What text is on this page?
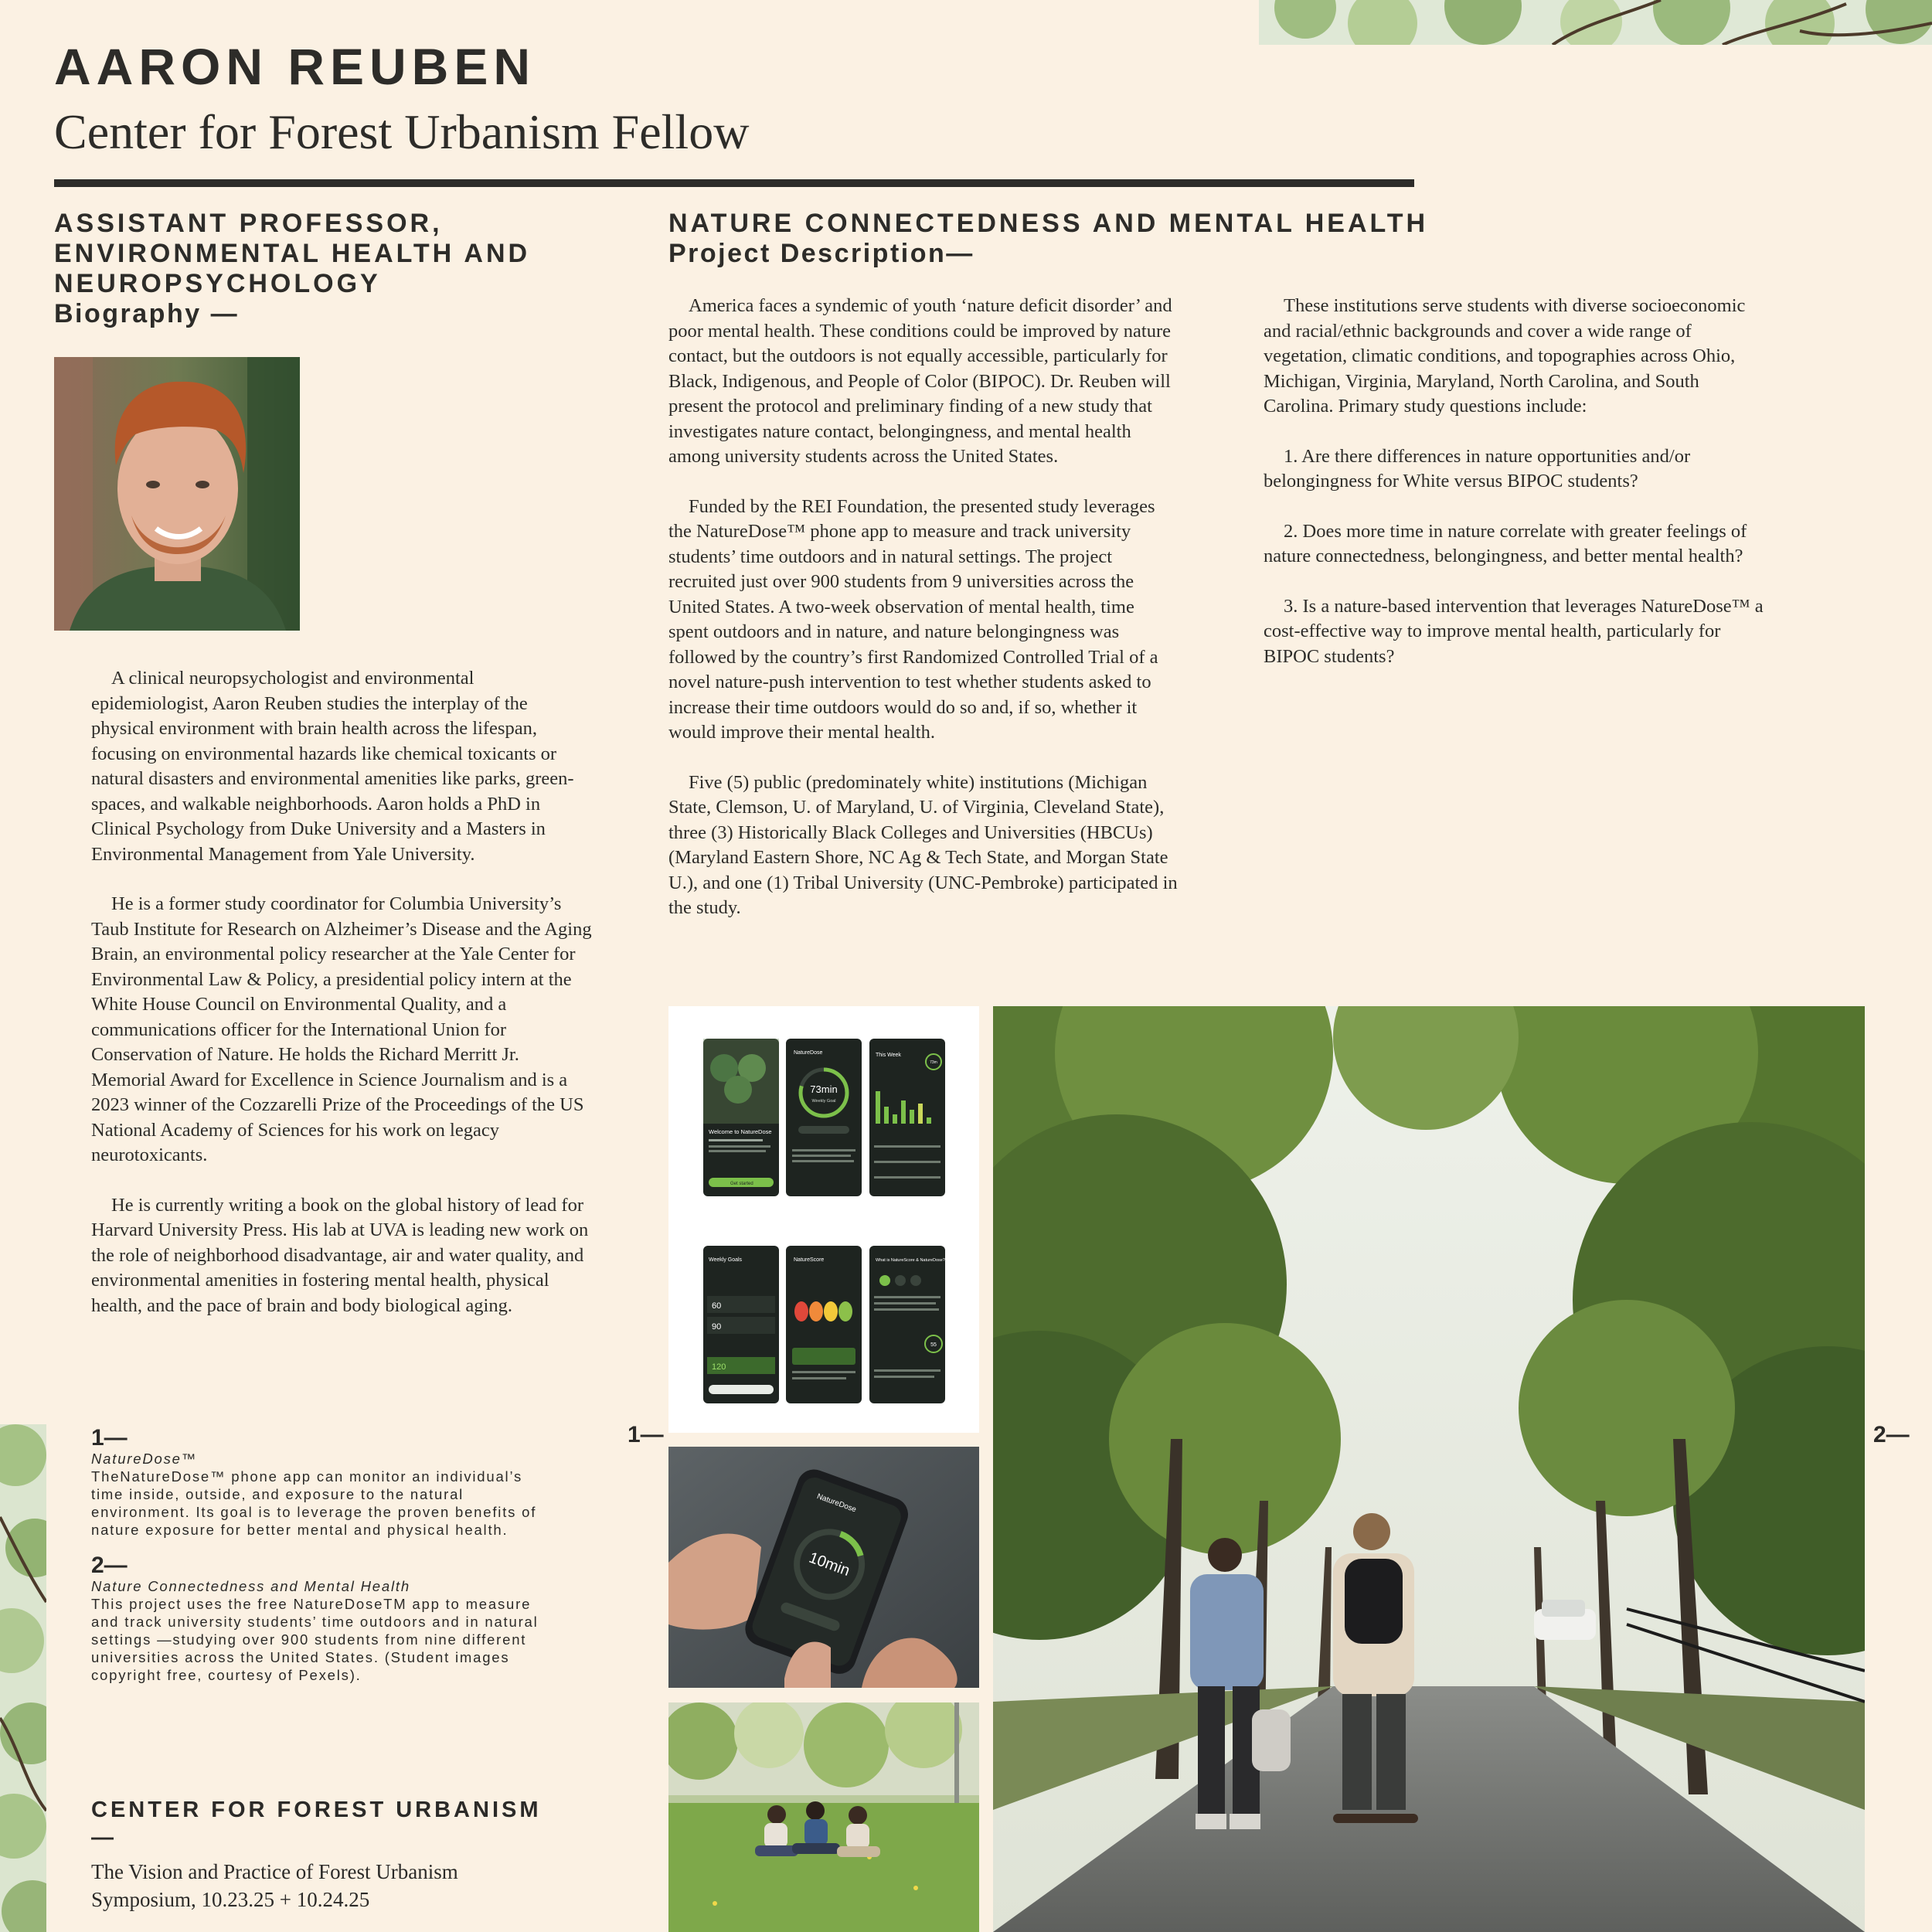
AARON REUBEN
Center for Forest Urbanism Fellow
ASSISTANT PROFESSOR,
ENVIRONMENTAL HEALTH AND
NEUROPSYCHOLOGY
Biography —

A clinical neuropsychologist and environmental epidemiologist, Aaron Reuben studies the interplay of the physical environment with brain health across the lifespan, focusing on environmental hazards like chemical toxicants or natural disasters and environmental amenities like parks, green-spaces, and walkable neighborhoods. Aaron holds a PhD in Clinical Psychology from Duke University and a Masters in Environmental Management from Yale University.

He is a former study coordinator for Columbia University’s Taub Institute for Research on Alzheimer’s Disease and the Aging Brain, an environmental policy researcher at the Yale Center for Environmental Law & Policy, a presidential policy intern at the White House Council on Environmental Quality, and a communications officer for the International Union for Conservation of Nature. He holds the Richard Merritt Jr. Memorial Award for Excellence in Science Journalism and is a 2023 winner of the Cozzarelli Prize of the Proceedings of the US National Academy of Sciences for his work on legacy neurotoxicants.

He is currently writing a book on the global history of lead for Harvard University Press. His lab at UVA is leading new work on the role of neighborhood disadvantage, air and water quality, and environmental amenities in fostering mental health, physical health, and the pace of brain and body biological aging.

1—
NatureDose™
TheNatureDose™ phone app can monitor an individual’s time inside, outside, and exposure to the natural environment. Its goal is to leverage the proven benefits of nature exposure for better mental and physical health.
2—
Nature Connectedness and Mental Health
This project uses the free NatureDoseTM app to measure and track university students’ time outdoors and in natural settings —studying over 900 students from nine different universities across the United States. (Student images copyright free, courtesy of Pexels).
CENTER FOR FOREST URBANISM
—
The Vision and Practice of Forest Urbanism
Symposium, 10.23.25 + 10.24.25
NATURE CONNECTEDNESS AND MENTAL HEALTH
Project Description—

America faces a syndemic of youth ‘nature deficit disorder’ and poor mental health. These conditions could be improved by nature contact, but the outdoors is not equally accessible, particularly for Black, Indigenous, and People of Color (BIPOC). Dr. Reuben will present the protocol and preliminary finding of a new study that investigates nature contact, belongingness, and mental health among university students across the United States.

Funded by the REI Foundation, the presented study leverages the NatureDose™ phone app to measure and track university students’ time outdoors and in natural settings. The project recruited just over 900 students from 9 universities across the United States. A two-week observation of mental health, time spent outdoors and in nature, and nature belongingness was followed by the country’s first Randomized Controlled Trial of a novel nature-push intervention to test whether students asked to increase their time outdoors would do so and, if so, whether it would improve their mental health.

Five (5) public (predominately white) institutions (Michigan State, Clemson, U. of Maryland, U. of Virginia, Cleveland State), three (3) Historically Black Colleges and Universities (HBCUs) (Maryland Eastern Shore, NC Ag & Tech State, and Morgan State U.), and one (1) Tribal University (UNC-Pembroke) participated in the study.

These institutions serve students with diverse socioeconomic and racial/ethnic backgrounds and cover a wide range of vegetation, climatic conditions, and topographies across Ohio, Michigan, Virginia, Maryland, North Carolina, and South Carolina. Primary study questions include:

1. Are there differences in nature opportunities and/or belongingness for White versus BIPOC students?

2. Does more time in nature correlate with greater feelings of nature connectedness, belongingness, and better mental health?

3. Is a nature-based intervention that leverages NatureDose™ a cost-effective way to improve mental health, particularly for BIPOC students?

1—	2—
Welcome to NatureDose
Get started
NatureDose
73min
Weekly Goal
This Week
73m
Weekly Goals
60
90
120
NatureScore	What is NatureScore & NatureDose?
55
10min
NatureDose
